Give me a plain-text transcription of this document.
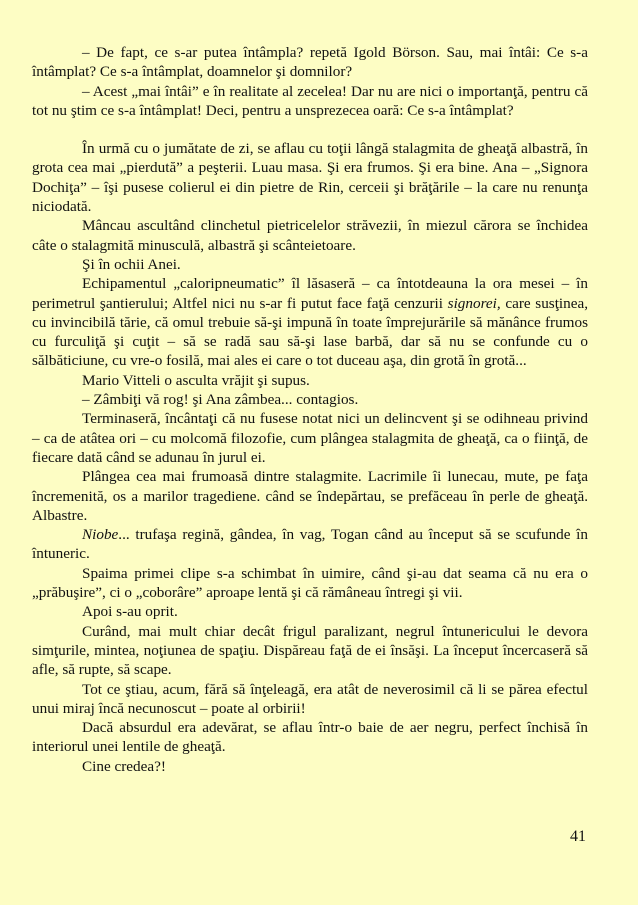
– De fapt, ce s-ar putea întâmpla? repetă Igold Börson. Sau, mai întâi: Ce s-a întâmplat? Ce s-a întâmplat, doamnelor şi domnilor?

– Acest „mai întâi” e în realitate al zecelea! Dar nu are nici o importanţă, pentru că tot nu ştim ce s-a întâmplat! Deci, pentru a unsprezecea oară: Ce s-a întâmplat?

În urmă cu o jumătate de zi, se aflau cu toţii lângă stalagmita de gheaţă albastră, în grota cea mai „pierdută” a peşterii. Luau masa. Şi era frumos. Şi era bine. Ana – „Signora Dochiţa” – îşi pusese colierul ei din pietre de Rin, cerceii şi brăţările – la care nu renunţa niciodată.

Mâncau ascultând clinchetul pietricelelor străvezii, în miezul cărora se închidea câte o stalagmită minusculă, albastră şi scânteietoare.

Şi în ochii Anei.

Echipamentul „caloripneumatic” îl lăsaseră – ca întotdeauna la ora mesei – în perimetrul şantierului; Altfel nici nu s-ar fi putut face faţă cenzurii signorei, care susţinea, cu invincibilă tărie, că omul trebuie să-şi impună în toate împrejurările să mănânce frumos cu furculiţă şi cuţit – să se radă sau să-şi lase barbă, dar să nu se confunde cu o sălbăticiune, cu vre-o fosilă, mai ales ei care o tot duceau aşa, din grotă în grotă...

Mario Vitteli o asculta vrăjit şi supus.

– Zâmbiţi vă rog! şi Ana zâmbea... contagios.

Terminaseră, încântaţi că nu fusese notat nici un delincvent şi se odihneau privind – ca de atâtea ori – cu molcomă filozofie, cum plângea stalagmita de gheaţă, ca o fiinţă, de fiecare dată când se adunau în jurul ei.

Plângea cea mai frumoasă dintre stalagmite. Lacrimile îi lunecau, mute, pe faţa încremenită, os a marilor tragediene. când se îndepărtau, se prefăceau în perle de gheaţă. Albastre.

Niobe... trufaşa regină, gândea, în vag, Togan când au început să se scufunde în întuneric.

Spaima primei clipe s-a schimbat în uimire, când şi-au dat seama că nu era o „prăbuşire”, ci o „coborâre” aproape lentă şi că rămâneau întregi şi vii.

Apoi s-au oprit.

Curând, mai mult chiar decât frigul paralizant, negrul întunericului le devora simţurile, mintea, noţiunea de spaţiu. Dispăreau faţă de ei însăşi. La început încercaseră să afle, să rupte, să scape.

Tot ce ştiau, acum, fără să înţeleagă, era atât de neverosimil că li se părea efectul unui miraj încă necunoscut – poate al orbirii!

Dacă absurdul era adevărat, se aflau într-o baie de aer negru, perfect închisă în interiorul unei lentile de gheaţă.

Cine credea?!

41
